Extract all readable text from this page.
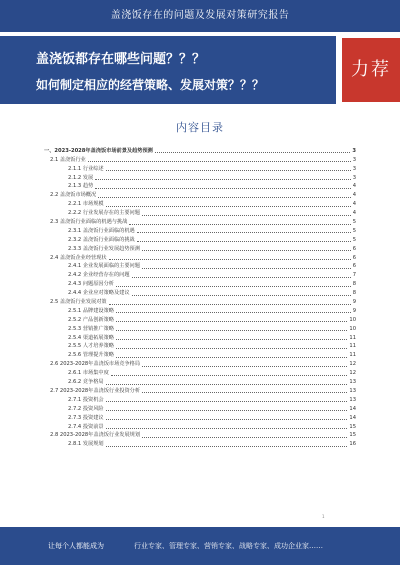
盖浇饭存在的问题及发展对策研究报告
盖浇饭都存在哪些问题？？？
如何制定相应的经营策略、发展对策？？？
力荐
内容目录
一、2023-2028年盖浇饭市场前景及趋势预测	3
2.1 盖浇饭行业	3
2.1.1 行业综述	3
2.1.2 发展	3
2.1.3 趋势	4
2.2 盖浇饭市场概况	4
2.2.1 市场规模	4
2.2.2 行业发展存在的主要问题	4
2.3 盖浇饭行业面临的机遇与挑战	5
2.3.1 盖浇饭行业面临的机遇	5
2.3.2 盖浇饭行业面临的挑战	5
2.3.3 盖浇饭行业发展趋势预测	6
2.4 盖浇饭企业经营现状	6
2.4.1 企业发展面临的主要问题	6
2.4.2 企业经营存在的问题	7
2.4.3 问题原因分析	8
2.4.4 企业应对策略及建议	8
2.5 盖浇饭行业发展对策	9
2.5.1 品牌建设策略	9
2.5.2 产品创新策略	10
2.5.3 营销推广策略	10
2.5.4 渠道拓展策略	11
2.5.5 人才培养策略	11
2.5.6 管理提升策略	11
2.6 2023-2028年盖浇饭市场竞争格局	12
2.6.1 市场集中度	12
2.6.2 竞争格局	13
2.7 2023-2028年盖浇饭行业投资分析	13
2.7.1 投资机会	13
2.7.2 投资风险	14
2.7.3 投资建议	14
2.7.4 投资前景	15
2.8 2023-2028年盖浇饭行业发展规划	15
2.8.1 发展规划	16
1
让每个人都能成为	行业专家、管理专家、营销专家、战略专家、成功企业家……
